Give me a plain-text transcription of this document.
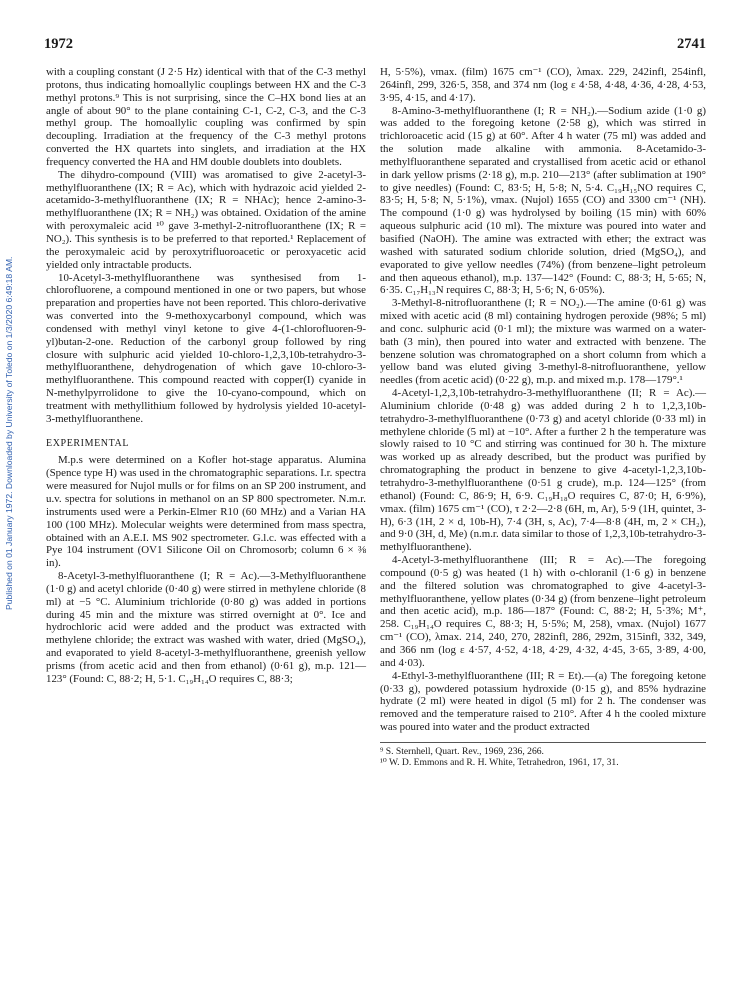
Published on 01 January 1972. Downloaded by University of Toledo on 1/3/2020 6:49:18 AM.
1972	2741

with a coupling constant (J 2·5 Hz) identical with that of the C-3 methyl protons, thus indicating homoallylic couplings between HX and the C-3 methyl protons.⁹ This is not surprising, since the C–HX bond lies at an angle of about 90° to the plane containing C-1, C-2, C-3, and the C-3 methyl group. The homoallylic coupling was confirmed by spin decoupling. Irradiation at the frequency of the C-3 methyl protons converted the HX quartets into singlets, and irradiation at the HX frequency converted the HA and HM double doublets into doublets.

The dihydro-compound (VIII) was aromatised to give 2-acetyl-3-methylfluoranthene (IX; R = Ac), which with hydrazoic acid yielded 2-acetamido-3-methylfluoranthene (IX; R = NHAc); hence 2-amino-3-methylfluoranthene (IX; R = NH₂) was obtained. Oxidation of the amine with peroxymaleic acid ¹⁰ gave 3-methyl-2-nitrofluoranthene (IX; R = NO₂). This synthesis is to be preferred to that reported.¹ Replacement of the peroxymaleic acid by peroxytrifluoroacetic or peroxyacetic acid yielded only intractable products.

10-Acetyl-3-methylfluoranthene was synthesised from 1-chlorofluorene, a compound mentioned in one or two papers, but whose preparation and properties have not been reported. This chloro-derivative was converted into the 9-methoxycarbonyl compound, which was condensed with methyl vinyl ketone to give 4-(1-chlorofluoren-9-yl)butan-2-one. Reduction of the carbonyl group followed by ring closure with sulphuric acid yielded 10-chloro-1,2,3,10b-tetrahydro-3-methylfluoranthene, dehydrogenation of which gave 10-chloro-3-methylfluoranthene. This compound reacted with copper(I) cyanide in N-methylpyrrolidone to give the 10-cyano-compound, which on treatment with methyllithium followed by hydrolysis yielded 10-acetyl-3-methylfluoranthene.

EXPERIMENTAL

M.p.s were determined on a Kofler hot-stage apparatus. Alumina (Spence type H) was used in the chromatographic separations. I.r. spectra were measured for Nujol mulls or for films on an SP 200 instrument, and u.v. spectra for solutions in methanol on an SP 800 spectrometer. N.m.r. instruments used were a Perkin-Elmer R10 (60 MHz) and a Varian HA 100 (100 MHz). Molecular weights were determined from mass spectra, obtained with an A.E.I. MS 902 spectrometer. G.l.c. was effected with a Pye 104 instrument (OV1 Silicone Oil on Chromosorb; column 6 × ⅜ in).

8-Acetyl-3-methylfluoranthene (I; R = Ac).—3-Methylfluoranthene (1·0 g) and acetyl chloride (0·40 g) were stirred in methylene chloride (8 ml) at −5 °C. Aluminium trichloride (0·80 g) was added in portions during 45 min and the mixture was stirred overnight at 0°. Ice and hydrochloric acid were added and the product was extracted with methylene chloride; the extract was washed with water, dried (MgSO₄), and evaporated to yield 8-acetyl-3-methylfluoranthene, greenish yellow prisms (from acetic acid and then from ethanol) (0·61 g), m.p. 121—123° (Found: C, 88·2; H, 5·1. C₁₉H₁₄O requires C, 88·3;

H, 5·5%), νmax. (film) 1675 cm⁻¹ (CO), λmax. 229, 242infl, 254infl, 264infl, 299, 326·5, 358, and 374 nm (log ε 4·58, 4·48, 4·36, 4·28, 4·53, 3·95, 4·15, and 4·17).

8-Amino-3-methylfluoranthene (I; R = NH₂).—Sodium azide (1·0 g) was added to the foregoing ketone (2·58 g), which was stirred in trichloroacetic acid (15 g) at 60°. After 4 h water (75 ml) was added and the solution made alkaline with ammonia. 8-Acetamido-3-methylfluoranthene separated and crystallised from acetic acid or ethanol in dark yellow prisms (2·18 g), m.p. 210—213° (after sublimation at 190° to give needles) (Found: C, 83·5; H, 5·8; N, 5·4. C₁₉H₁₅NO requires C, 83·5; H, 5·8; N, 5·1%), νmax. (Nujol) 1655 (CO) and 3300 cm⁻¹ (NH). The compound (1·0 g) was hydrolysed by boiling (15 min) with 60% aqueous sulphuric acid (10 ml). The mixture was poured into water and basified (NaOH). The amine was extracted with ether; the extract was washed with saturated sodium chloride solution, dried (MgSO₄), and evaporated to give yellow needles (74%) (from benzene–light petroleum and then aqueous ethanol), m.p. 137—142° (Found: C, 88·3; H, 5·65; N, 6·35. C₁₇H₁₃N requires C, 88·3; H, 5·6; N, 6·05%).

3-Methyl-8-nitrofluoranthene (I; R = NO₂).—The amine (0·61 g) was mixed with acetic acid (8 ml) containing hydrogen peroxide (98%; 5 ml) and conc. sulphuric acid (0·1 ml); the mixture was warmed on a water-bath (3 min), then poured into water and extracted with benzene. The benzene solution was chromatographed on a short column from which a yellow band was eluted giving 3-methyl-8-nitrofluoranthene, yellow needles (from acetic acid) (0·22 g), m.p. and mixed m.p. 178—179°.¹

4-Acetyl-1,2,3,10b-tetrahydro-3-methylfluoranthene (II; R = Ac).—Aluminium chloride (0·48 g) was added during 2 h to 1,2,3,10b-tetrahydro-3-methylfluoranthene (0·73 g) and acetyl chloride (0·33 ml) in methylene chloride (5 ml) at −10°. After a further 2 h the temperature was slowly raised to 10 °C and stirring was continued for 30 h. The mixture was worked up as already described, but the product was purified by chromatographing the product in benzene to give 4-acetyl-1,2,3,10b-tetrahydro-3-methylfluoranthene (0·51 g crude), m.p. 124—125° (from ethanol) (Found: C, 86·9; H, 6·9. C₁₉H₁₈O requires C, 87·0; H, 6·9%), νmax. (film) 1675 cm⁻¹ (CO), τ 2·2—2·8 (6H, m, Ar), 5·9 (1H, quintet, 3-H), 6·3 (1H, 2 × d, 10b-H), 7·4 (3H, s, Ac), 7·4—8·8 (4H, m, 2 × CH₂), and 9·0 (3H, d, Me) (n.m.r. data similar to those of 1,2,3,10b-tetrahydro-3-methylfluoranthene).

4-Acetyl-3-methylfluoranthene (III; R = Ac).—The foregoing compound (0·5 g) was heated (1 h) with o-chloranil (1·6 g) in benzene and the filtered solution was chromatographed to give 4-acetyl-3-methylfluoranthene, yellow plates (0·34 g) (from benzene–light petroleum and then acetic acid), m.p. 186—187° (Found: C, 88·2; H, 5·3%; M⁺, 258. C₁₉H₁₄O requires C, 88·3; H, 5·5%; M, 258), νmax. (Nujol) 1677 cm⁻¹ (CO), λmax. 214, 240, 270, 282infl, 286, 292m, 315infl, 332, 349, and 366 nm (log ε 4·57, 4·52, 4·18, 4·29, 4·32, 4·45, 3·65, 3·89, 4·00, and 4·03).

4-Ethyl-3-methylfluoranthene (III; R = Et).—(a) The foregoing ketone (0·33 g), powdered potassium hydroxide (0·15 g), and 85% hydrazine hydrate (2 ml) were heated in digol (5 ml) for 2 h. The condenser was removed and the temperature raised to 210°. After 4 h the cooled mixture was poured into water and the product extracted

⁹ S. Sternhell, Quart. Rev., 1969, 236, 266.

¹⁰ W. D. Emmons and R. H. White, Tetrahedron, 1961, 17, 31.
